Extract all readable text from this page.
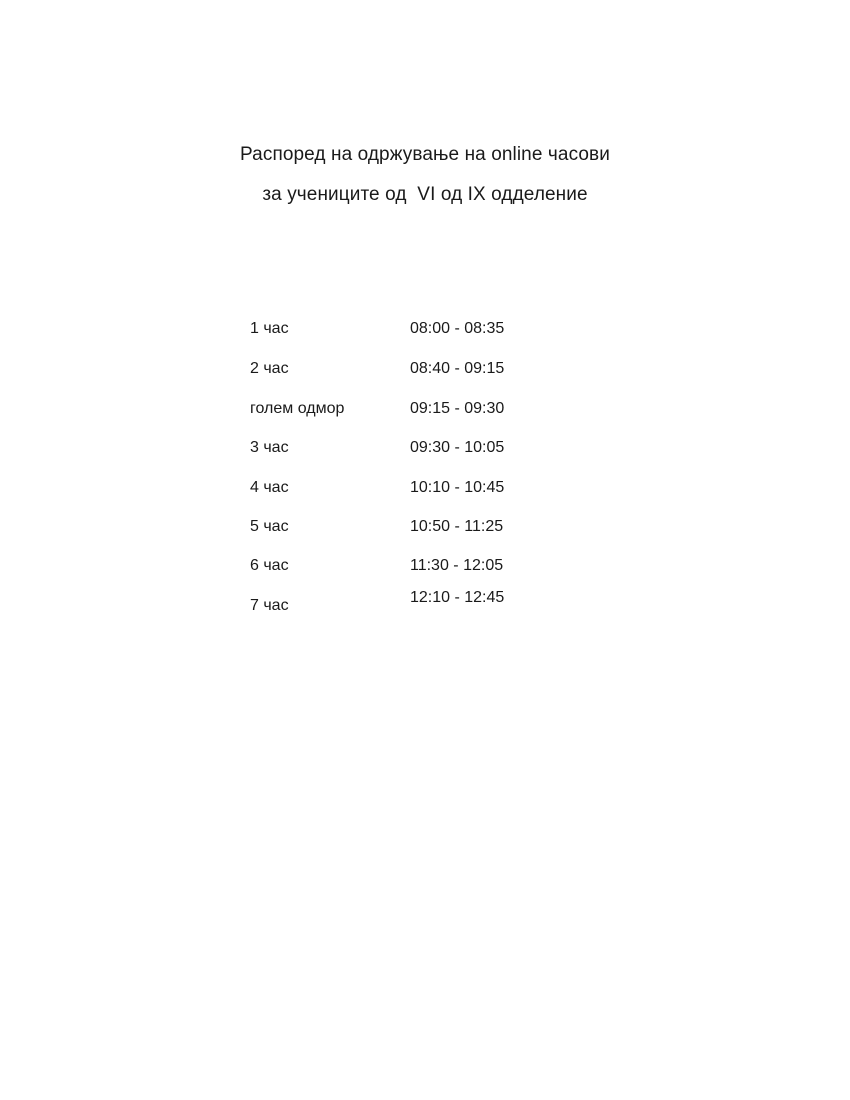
Распоред на одржување на online часови
за учениците од  VI од IX одделение
1 час	08:00 - 08:35
2 час	08:40 - 09:15
голем одмор	09:15 - 09:30
3 час	09:30 - 10:05
4 час	10:10 - 10:45
5 час	10:50 - 11:25
6 час	11:30 - 12:05
7 час	12:10 - 12:45
